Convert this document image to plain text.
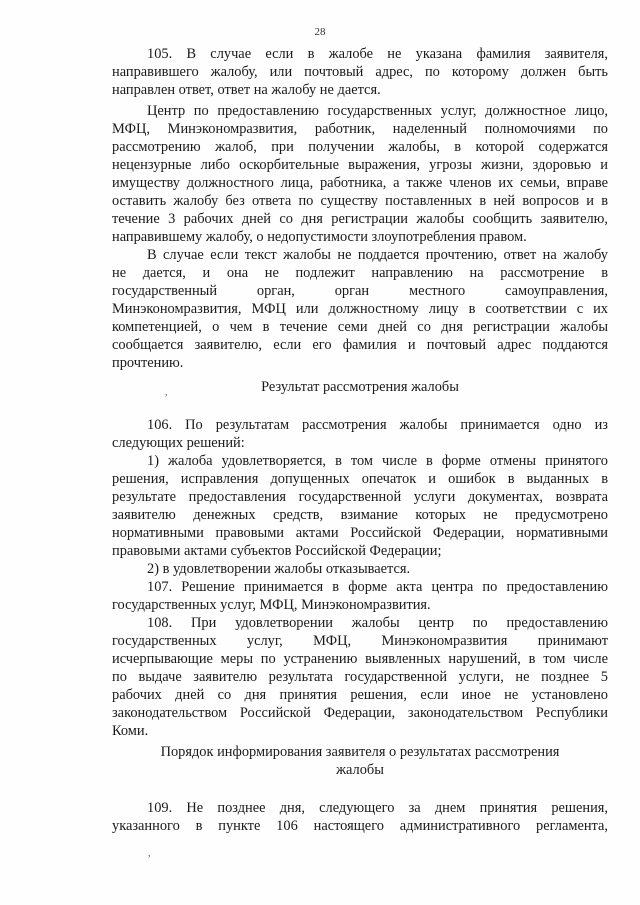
28

105. В случае если в жалобе не указана фамилия заявителя,

направившего жалобу, или почтовый адрес, по которому должен быть

направлен ответ, ответ на жалобу не дается.

Центр по предоставлению государственных услуг, должностное лицо,

МФЦ, Минэкономразвития, работник, наделенный полномочиями по

рассмотрению жалоб, при получении жалобы, в которой содержатся

нецензурные либо оскорбительные выражения, угрозы жизни, здоровью и

имуществу должностного лица, работника, а также членов их семьи, вправе

оставить жалобу без ответа по существу поставленных в ней вопросов и в

течение 3 рабочих дней со дня регистрации жалобы сообщить заявителю,

направившему жалобу, о недопустимости злоупотребления правом.

В случае если текст жалобы не поддается прочтению, ответ на жалобу

не дается, и она не подлежит направлению на рассмотрение в

государственный орган, орган местного самоуправления,

Минэкономразвития, МФЦ или должностному лицу в соответствии с их

компетенцией, о чем в течение семи дней со дня регистрации жалобы

сообщается заявителю, если его фамилия и почтовый адрес поддаются

прочтению.

,	Результат рассмотрения жалобы

106. По результатам рассмотрения жалобы принимается одно из

следующих решений:

1) жалоба удовлетворяется, в том числе в форме отмены принятого

решения, исправления допущенных опечаток и ошибок в выданных в

результате предоставления государственной услуги документах, возврата

заявителю денежных средств, взимание которых не предусмотрено

нормативными правовыми актами Российской Федерации, нормативными

правовыми актами субъектов Российской Федерации;

2) в удовлетворении жалобы отказывается.

107. Решение принимается в форме акта центра по предоставлению

государственных услуг, МФЦ, Минэкономразвития.

108. При удовлетворении жалобы центр по предоставлению

государственных услуг, МФЦ, Минэкономразвития принимают

исчерпывающие меры по устранению выявленных нарушений, в том числе

по выдаче заявителю результата государственной услуги, не позднее 5

рабочих дней со дня принятия решения, если иное не установлено

законодательством Российской Федерации, законодательством Республики

Коми.

Порядок информирования заявителя о результатах рассмотрения

жалобы

109. Не позднее дня, следующего за днем принятия решения,

указанного в пункте 106 настоящего административного регламента,

,
